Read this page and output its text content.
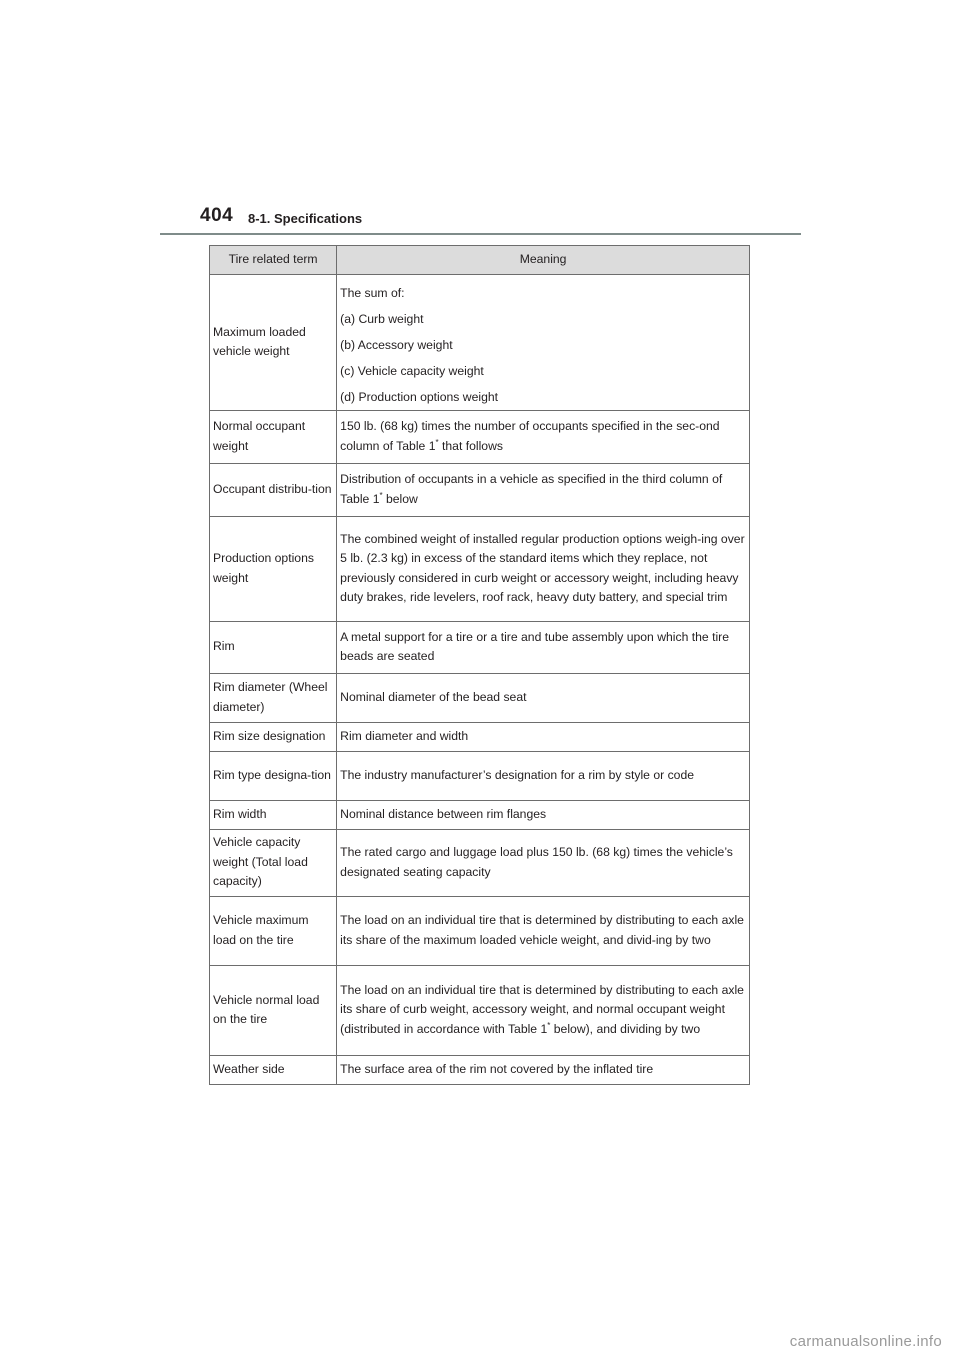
404 8-1. Specifications
Tire related term	Meaning
Maximum loaded vehicle weight	The sum of:
(a) Curb weight
(b) Accessory weight
(c) Vehicle capacity weight
(d) Production options weight

Normal occupant weight	150 lb. (68 kg) times the number of occupants specified in the sec-ond column of Table 1* that follows
Occupant distribu-tion	Distribution of occupants in a vehicle as specified in the third column of Table 1* below
Production options weight	The combined weight of installed regular production options weigh-ing over 5 lb. (2.3 kg) in excess of the standard items which they replace, not previously considered in curb weight or accessory weight, including heavy duty brakes, ride levelers, roof rack, heavy duty battery, and special trim
Rim	A metal support for a tire or a tire and tube assembly upon which the tire beads are seated
Rim diameter (Wheel diameter)	Nominal diameter of the bead seat
Rim size designation	Rim diameter and width
Rim type designa-tion	The industry manufacturer’s designation for a rim by style or code
Rim width	Nominal distance between rim flanges
Vehicle capacity weight (Total load capacity)	The rated cargo and luggage load plus 150 lb. (68 kg) times the vehicle’s designated seating capacity
Vehicle maximum load on the tire	The load on an individual tire that is determined by distributing to each axle its share of the maximum loaded vehicle weight, and divid-ing by two
Vehicle normal load on the tire	The load on an individual tire that is determined by distributing to each axle its share of curb weight, accessory weight, and normal occupant weight (distributed in accordance with Table 1* below), and dividing by two
Weather side	The surface area of the rim not covered by the inflated tire
carmanualsonline.info
